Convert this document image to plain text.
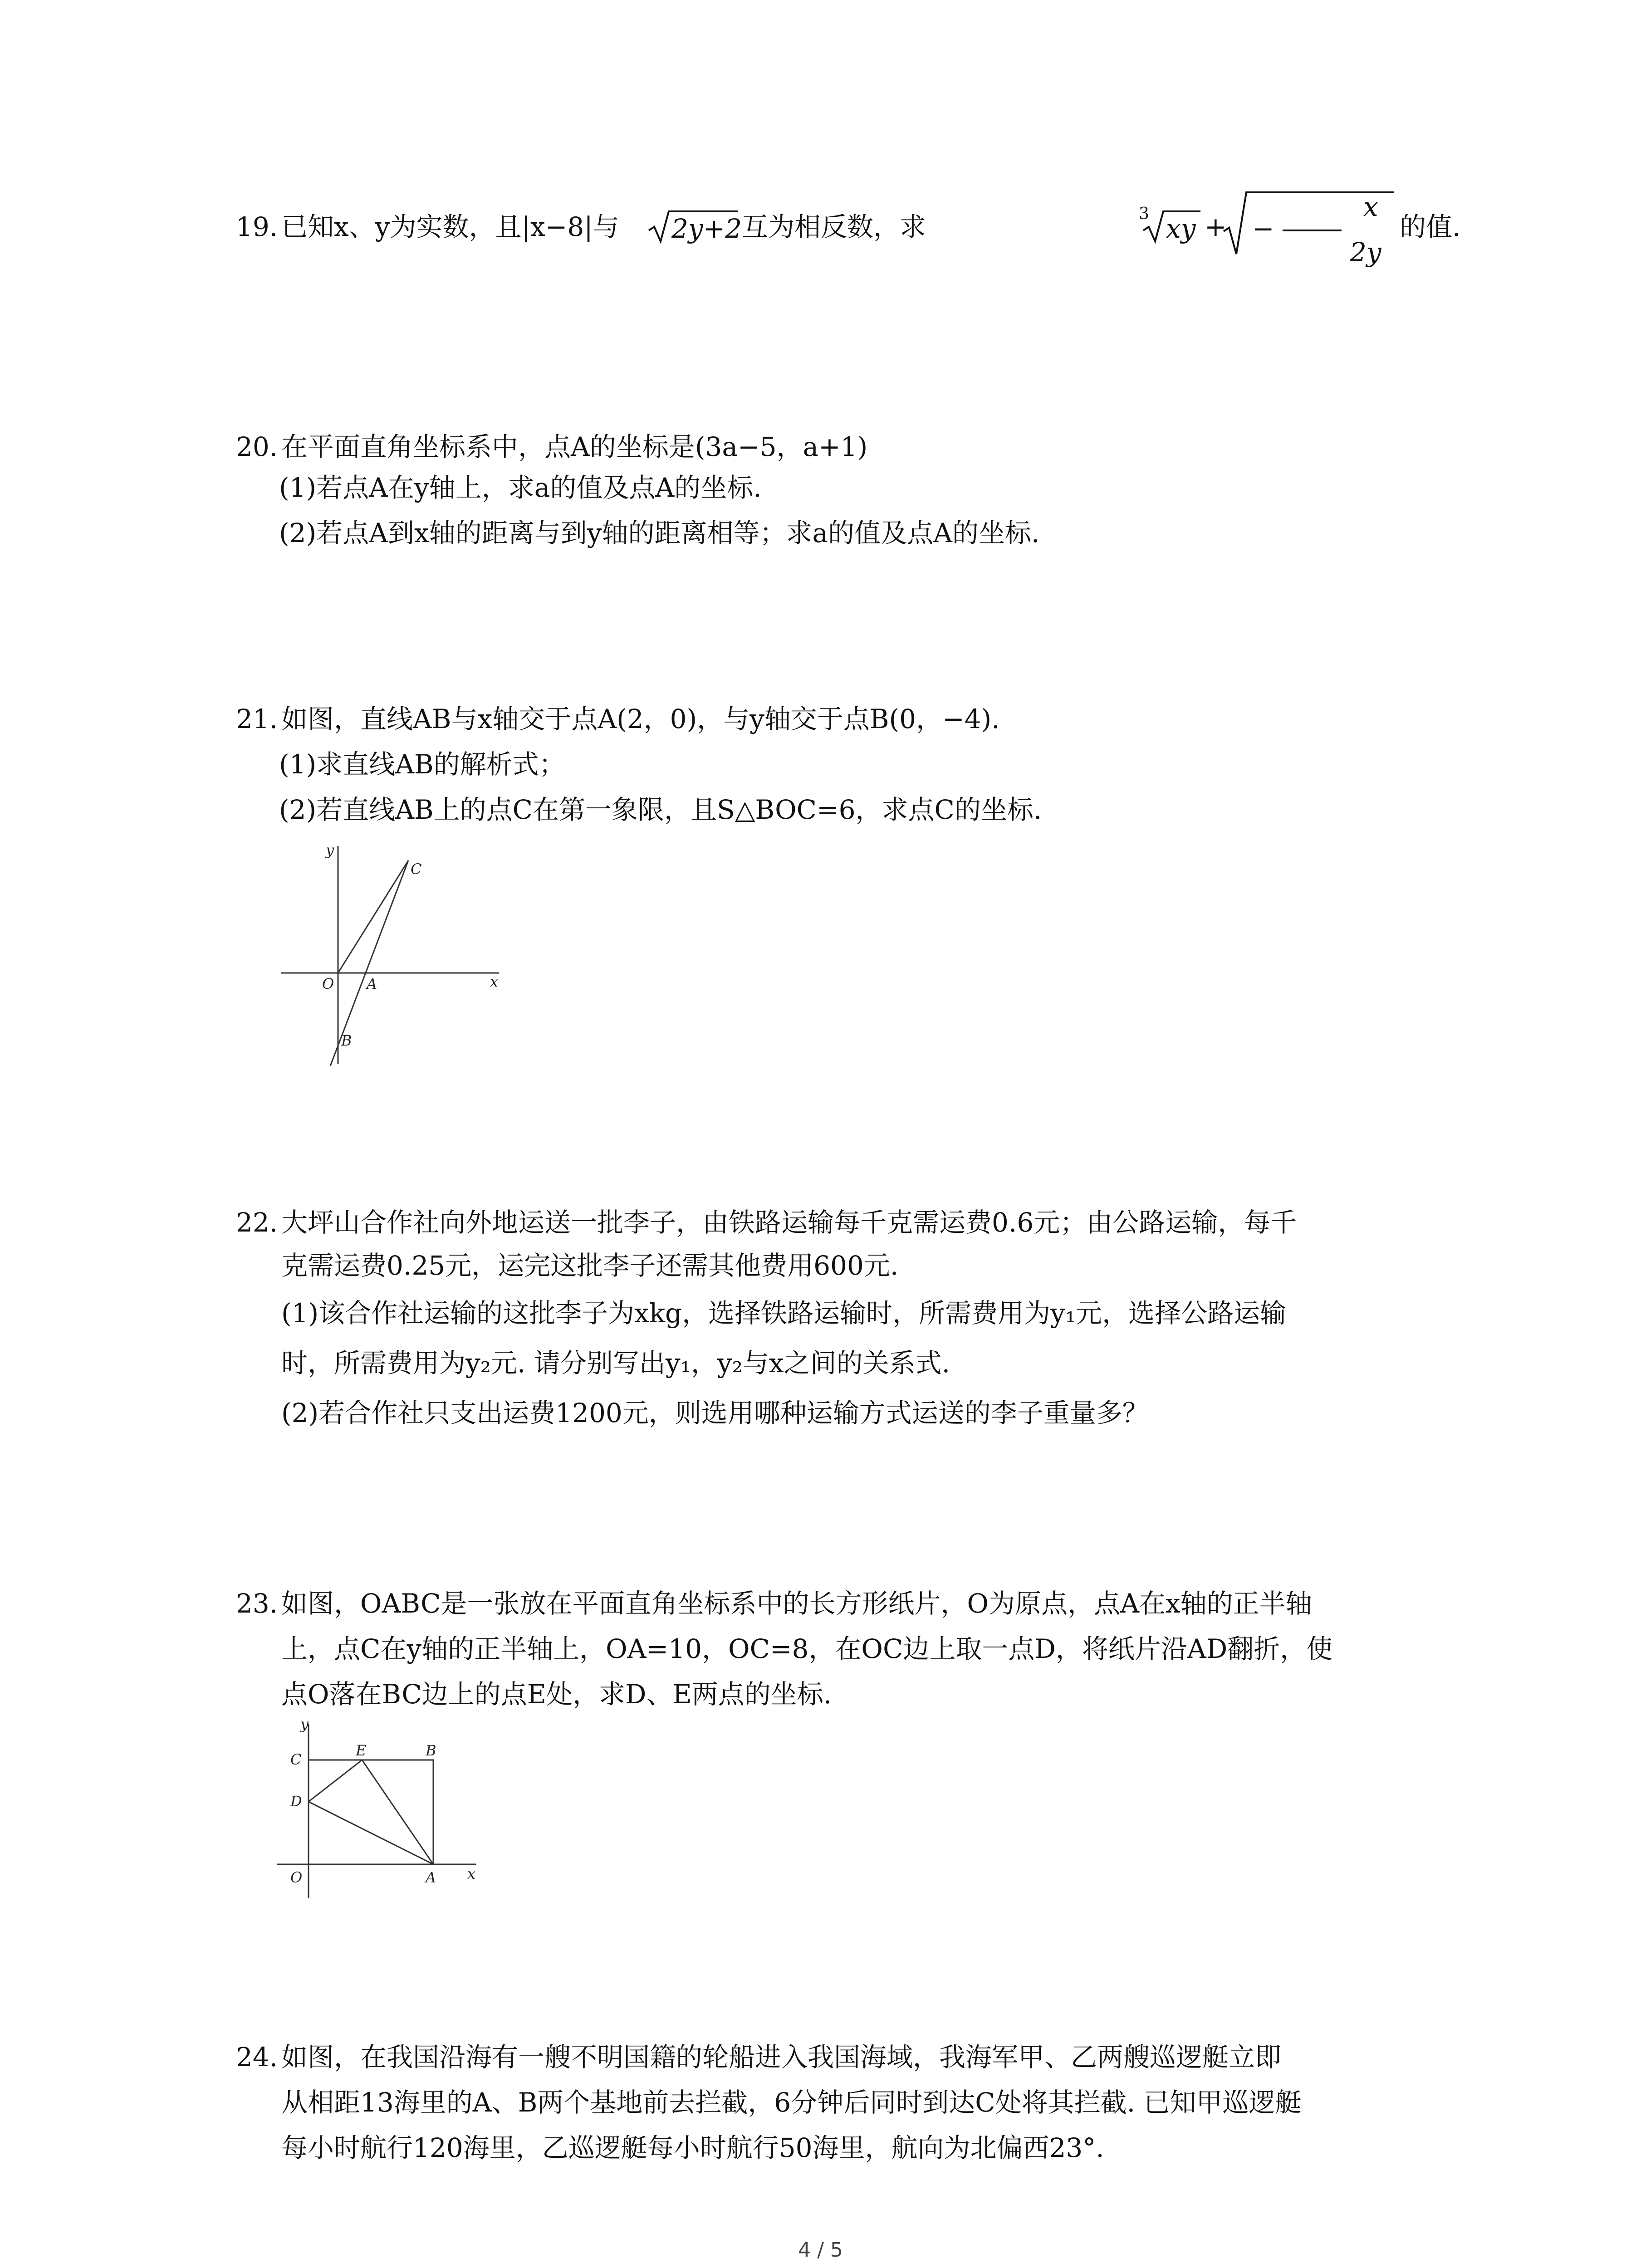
19. 已知x、y为实数，且|x−8|与 2y+2 互为相反数，求	3 xy + −
x
2y
的值.
20. 在平面直角坐标系中，点A的坐标是(3a−5，a+1)
(1)若点A在y轴上，求a的值及点A的坐标.
(2)若点A到x轴的距离与到y轴的距离相等；求a的值及点A的坐标.
21. 如图，直线AB与x轴交于点A(2，0)，与y轴交于点B(0，−4).
(1)求直线AB的解析式；
(2)若直线AB上的点C在第一象限，且S△BOC=6，求点C的坐标.
y
x
O A
B
C
22. 大坪山合作社向外地运送一批李子，由铁路运输每千克需运费0.6元；由公路运输，每千
克需运费0.25元，运完这批李子还需其他费用600元.
(1)该合作社运输的这批李子为xkg，选择铁路运输时，所需费用为y₁元，选择公路运输
时，所需费用为y₂元. 请分别写出y₁，y₂与x之间的关系式.
(2)若合作社只支出运费1200元，则选用哪种运输方式运送的李子重量多？
23. 如图，OABC是一张放在平面直角坐标系中的长方形纸片，O为原点，点A在x轴的正半轴
上，点C在y轴的正半轴上，OA=10，OC=8，在OC边上取一点D，将纸片沿AD翻折，使
点O落在BC边上的点E处，求D、E两点的坐标.
y
x
O	A
B
C
D
E
24. 如图，在我国沿海有一艘不明国籍的轮船进入我国海域，我海军甲、乙两艘巡逻艇立即
从相距13海里的A、B两个基地前去拦截，6分钟后同时到达C处将其拦截. 已知甲巡逻艇
每小时航行120海里，乙巡逻艇每小时航行50海里，航向为北偏西23°.
4 / 5
